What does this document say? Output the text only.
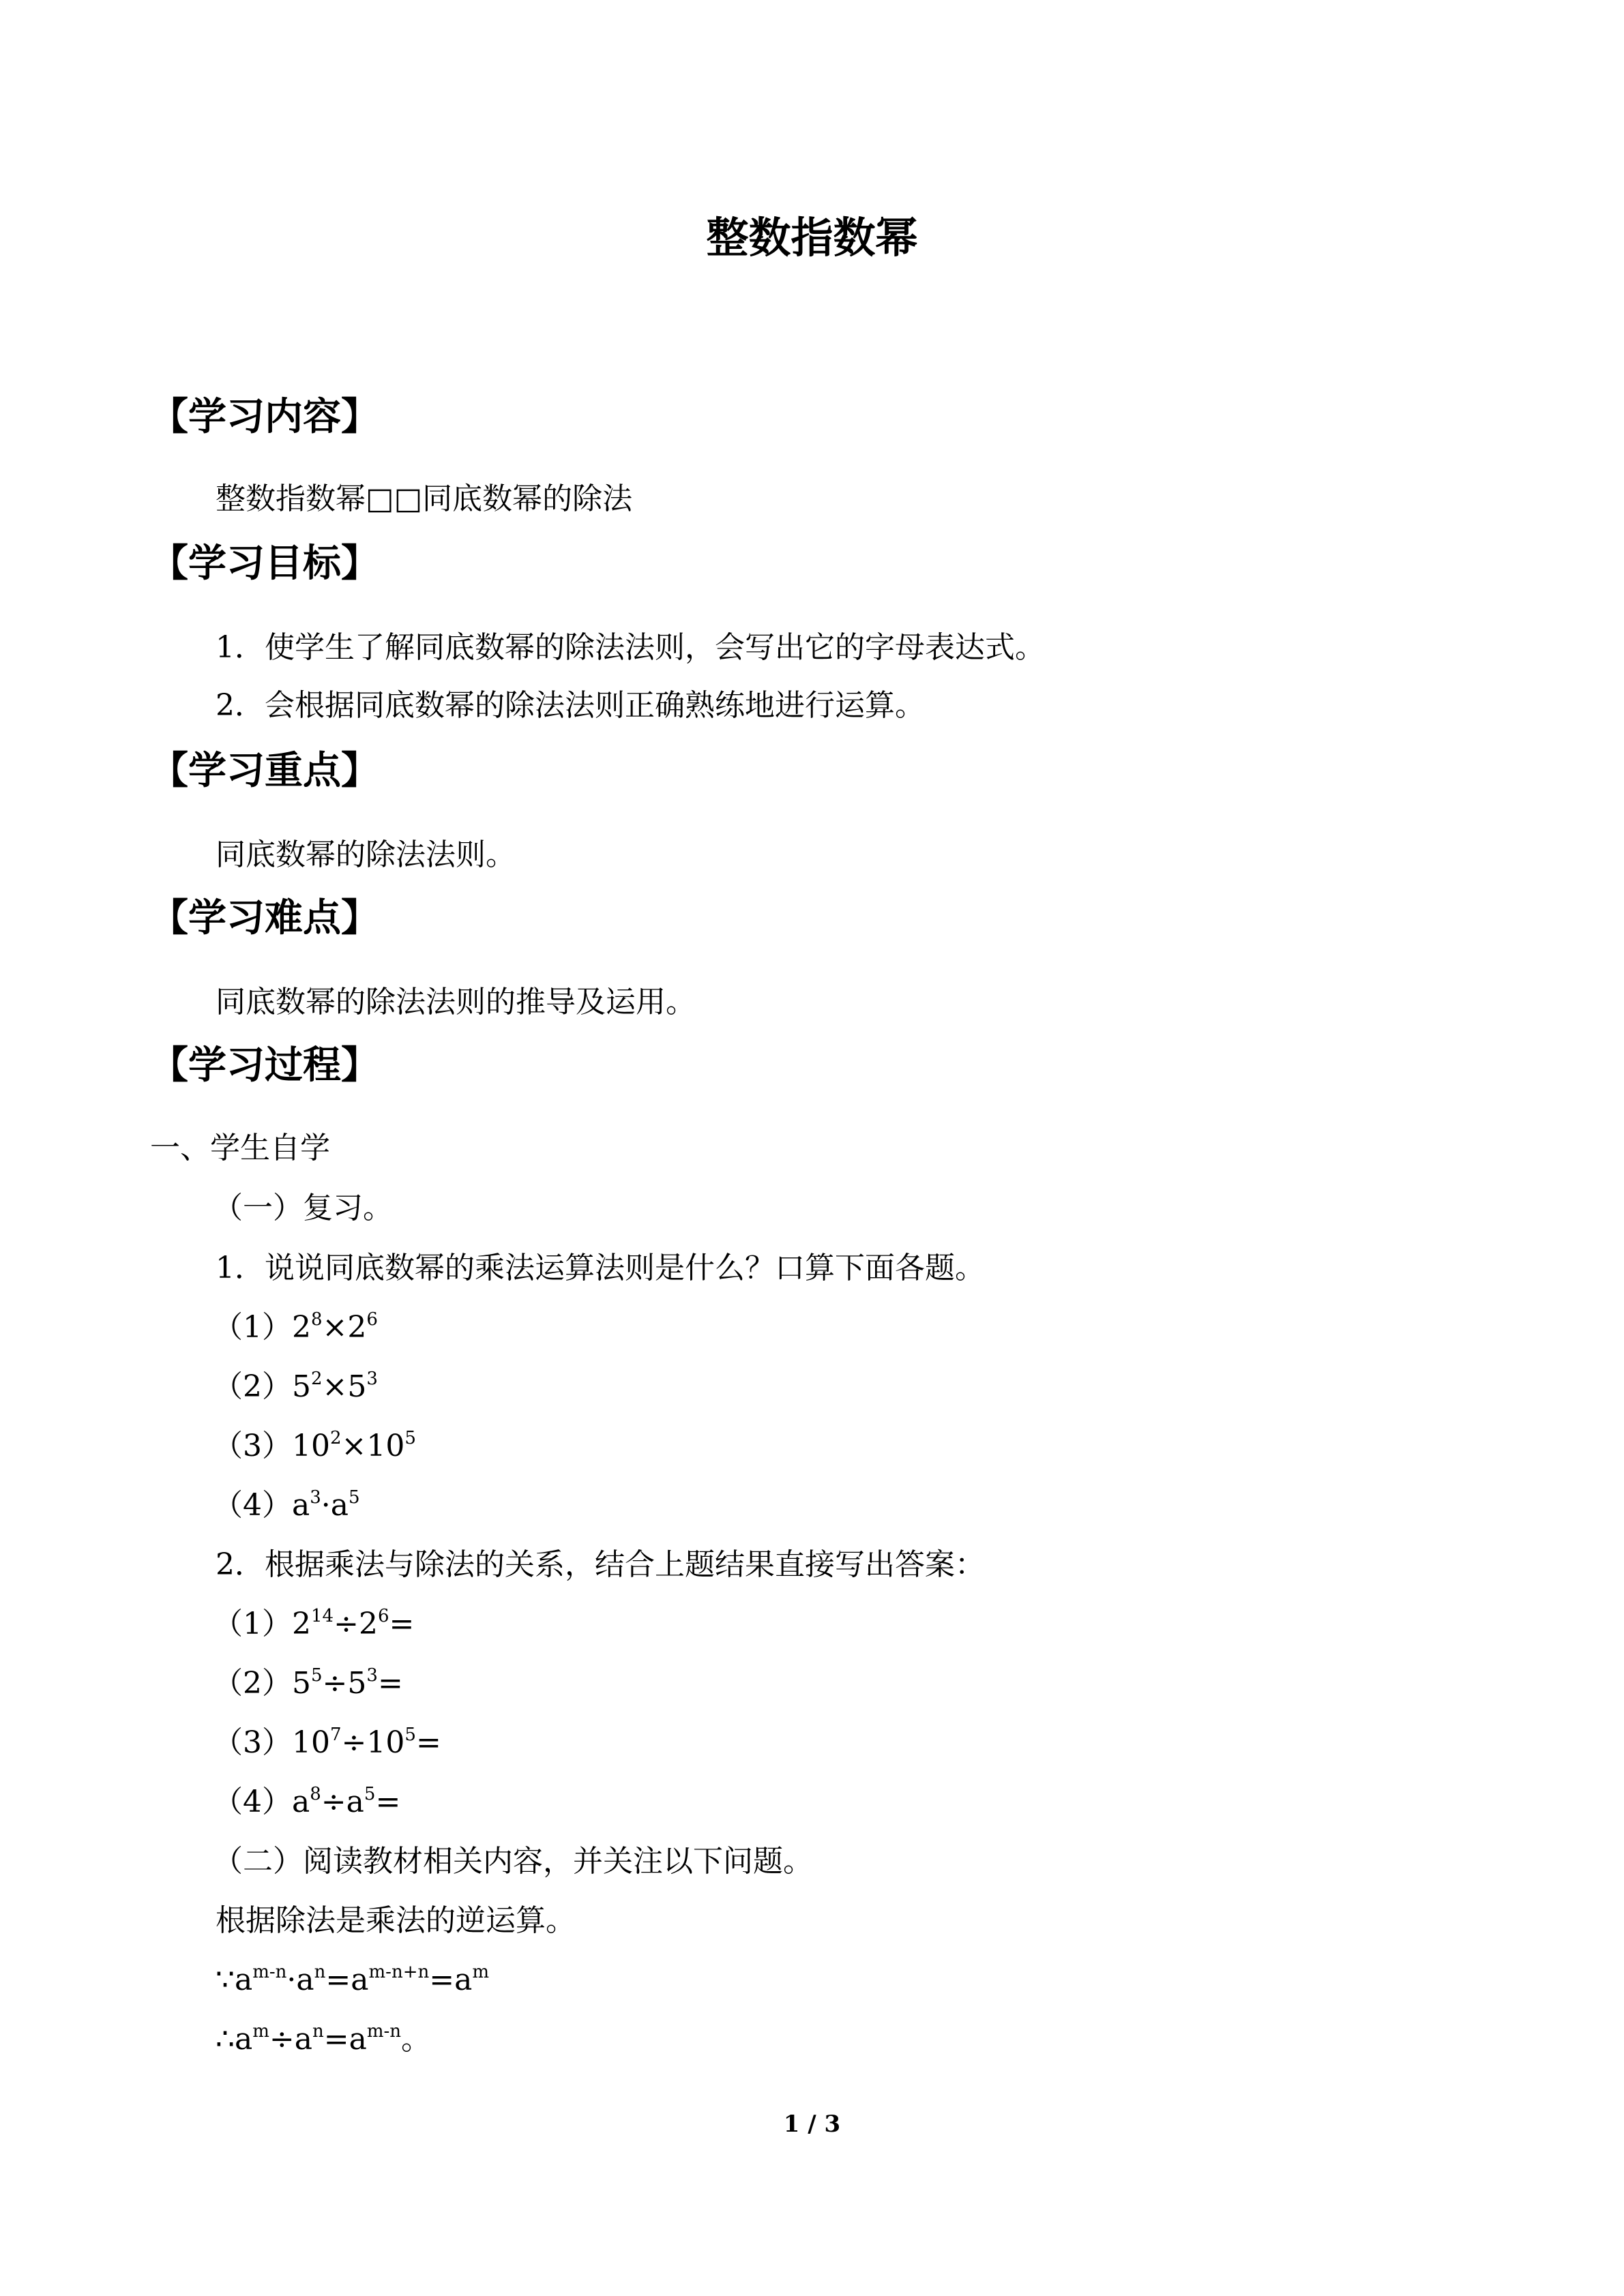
整数指数幂
【学习内容】
整数指数幂□□同底数幂的除法
【学习目标】
1．使学生了解同底数幂的除法法则，会写出它的字母表达式。
2．会根据同底数幂的除法法则正确熟练地进行运算。
【学习重点】
同底数幂的除法法则。
【学习难点】
同底数幂的除法法则的推导及运用。
【学习过程】
一、学生自学
（一）复习。
1．说说同底数幂的乘法运算法则是什么？口算下面各题。
$(1)2^8\times 2^6$
$(2)5^2\times 5^3$
$(3)10^2\times 10^5$
$(4)a^3\cdot a^5$
2．根据乘法与除法的关系，结合上题结果直接写出答案：
$(1)2^{14}\div 2^6=$
$(2)5^5\div 5^3=$
$(3)10^7\div 10^5=$
$(4)a^8\div a^5=$
（二）阅读教材相关内容，并关注以下问题。
根据除法是乘法的逆运算。
$\because a^{m-n}\cdot a^n=a^{m-n+n}=a^m$
$\therefore a^m\div a^n=a^{m-n}$。
1 / 3
